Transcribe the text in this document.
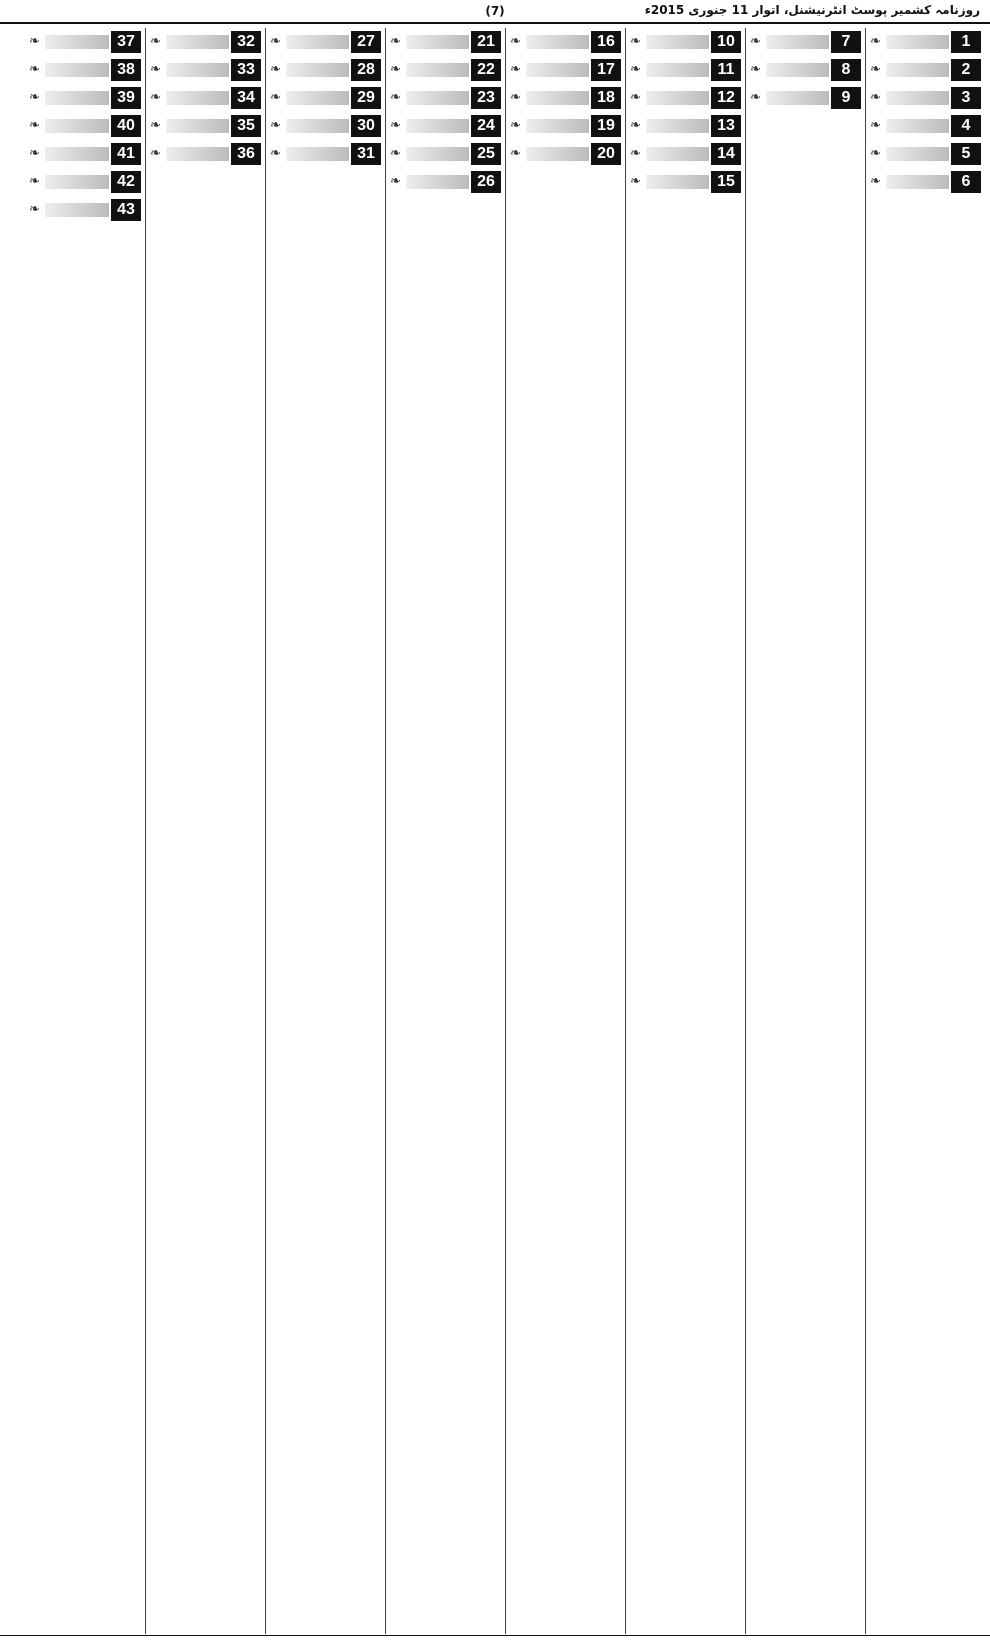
(7)	روزنامہ کشمیر پوسٹ انٹرنیشنل، اتوار 11 جنوری 2015ء
1
❧
2
❧
3
❧
4
❧
5
❧
6
❧
7
❧
8
❧
9
❧
10
❧
11
❧
12
❧
13
❧
14
❧
15
❧
16
❧
17
❧
18
❧
19
❧
20
❧
21
❧
22
❧
23
❧
24
❧
25
❧
26
❧
27
❧
28
❧
29
❧
30
❧
31
❧
32
❧
33
❧
34
❧
35
❧
36
❧
37
❧
38
❧
39
❧
40
❧
41
❧
42
❧
43
❧
